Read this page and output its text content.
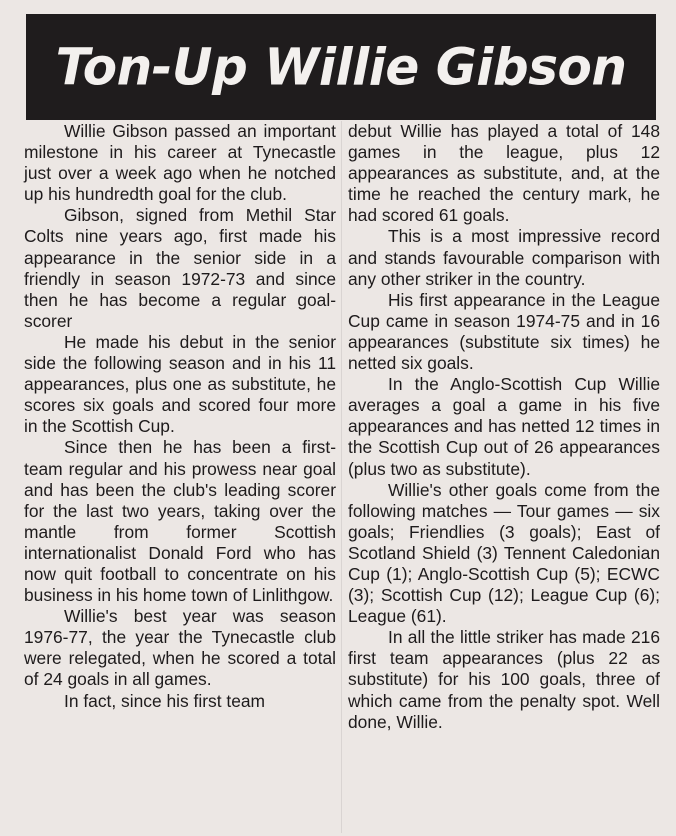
Ton-Up Willie Gibson

Willie Gibson passed an important milestone in his career at Tynecastle just over a week ago when he notched up his hundredth goal for the club.

Gibson, signed from Methil Star Colts nine years ago, first made his appearance in the senior side in a friendly in season 1972-73 and since then he has become a regular goal-scorer

He made his debut in the senior side the following season and in his 11 appearances, plus one as substitute, he scores six goals and scored four more in the Scottish Cup.

Since then he has been a first-team regular and his prowess near goal and has been the club's leading scorer for the last two years, taking over the mantle from former Scottish internationalist Donald Ford who has now quit football to concentrate on his business in his home town of Linlithgow.

Willie's best year was season 1976-77, the year the Tynecastle club were relegated, when he scored a total of 24 goals in all games.

In fact, since his first team

debut Willie has played a total of 148 games in the league, plus 12 appearances as substitute, and, at the time he reached the century mark, he had scored 61 goals.

This is a most impressive record and stands favourable comparison with any other striker in the country.

His first appearance in the League Cup came in season 1974-75 and in 16 appearances (substitute six times) he netted six goals.

In the Anglo-Scottish Cup Willie averages a goal a game in his five appearances and has netted 12 times in the Scottish Cup out of 26 appearances (plus two as substitute).

Willie's other goals come from the following matches — Tour games — six goals; Friendlies (3 goals); East of Scotland Shield (3) Tennent Caledonian Cup (1); Anglo-Scottish Cup (5); ECWC (3); Scottish Cup (12); League Cup (6); League (61).

In all the little striker has made 216 first team appearances (plus 22 as substitute) for his 100 goals, three of which came from the penalty spot. Well done, Willie.
